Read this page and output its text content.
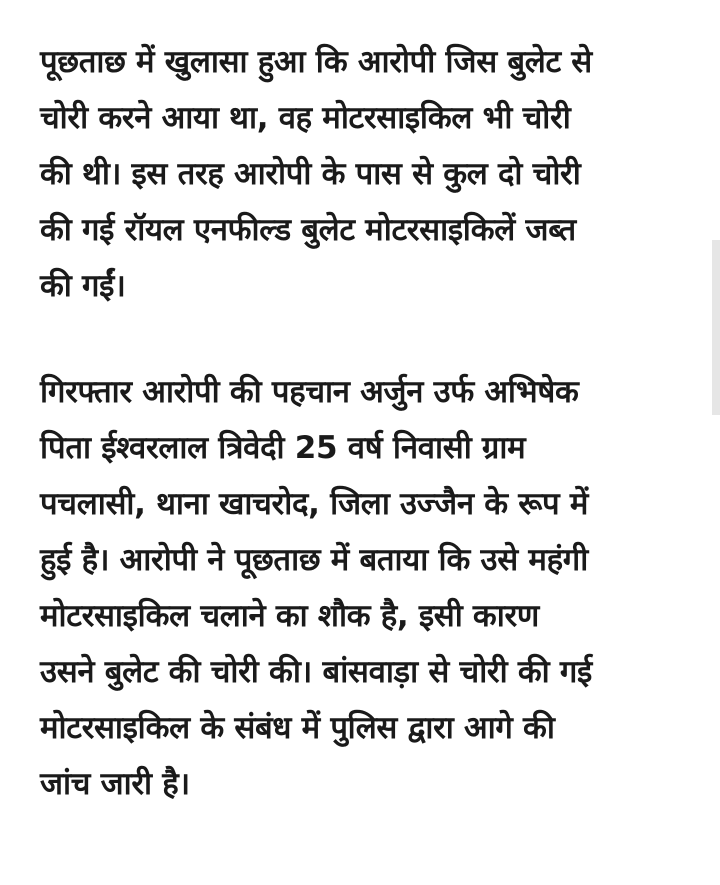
पूछताछ में खुलासा हुआ कि आरोपी जिस बुलेट से
चोरी करने आया था, वह मोटरसाइकिल भी चोरी
की थी। इस तरह आरोपी के पास से कुल दो चोरी
की गई रॉयल एनफील्ड बुलेट मोटरसाइकिलें जब्त
की गईं।

गिरफ्तार आरोपी की पहचान अर्जुन उर्फ अभिषेक
पिता ईश्वरलाल त्रिवेदी 25 वर्ष निवासी ग्राम
पचलासी, थाना खाचरोद, जिला उज्जैन के रूप में
हुई है। आरोपी ने पूछताछ में बताया कि उसे महंगी
मोटरसाइकिल चलाने का शौक है, इसी कारण
उसने बुलेट की चोरी की। बांसवाड़ा से चोरी की गई
मोटरसाइकिल के संबंध में पुलिस द्वारा आगे की
जांच जारी है।
